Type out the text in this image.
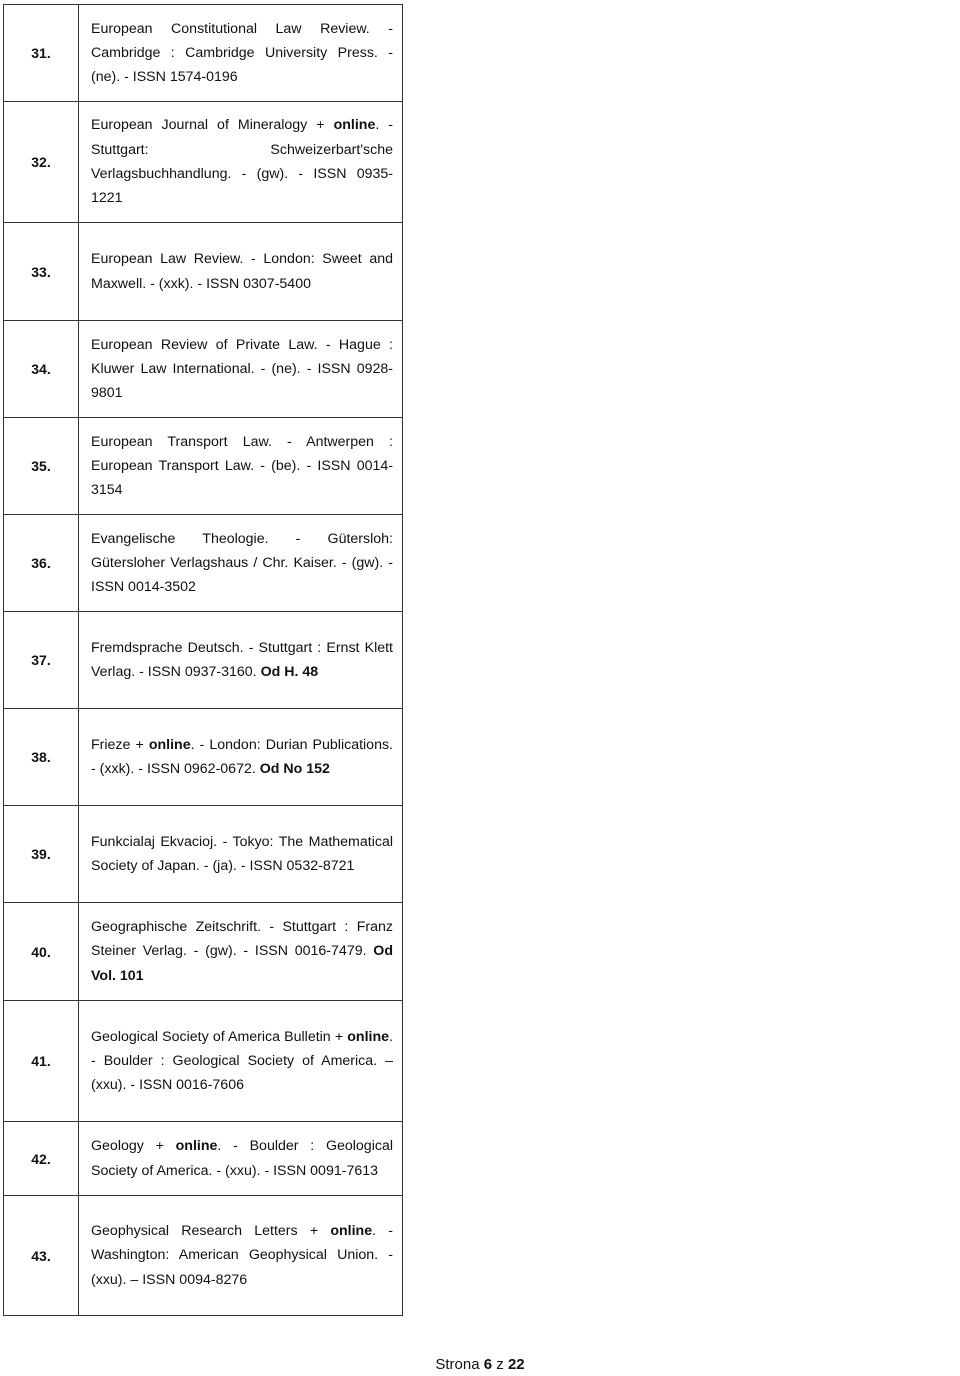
31.	European Constitutional Law Review. - Cambridge : Cambridge University Press. - (ne). - ISSN 1574-0196
32.	European Journal of Mineralogy + online. - Stuttgart: Schweizerbart'sche Verlagsbuchhandlung. - (gw). - ISSN 0935-1221
33.	European Law Review. - London: Sweet and Maxwell. - (xxk). - ISSN 0307-5400
34.	European Review of Private Law. - Hague : Kluwer Law International. - (ne). - ISSN 0928-9801
35.	European Transport Law. - Antwerpen : European Transport Law. - (be). - ISSN 0014-3154
36.	Evangelische Theologie. - Gütersloh: Gütersloher Verlagshaus / Chr. Kaiser. - (gw). - ISSN 0014-3502
37.	Fremdsprache Deutsch. - Stuttgart : Ernst Klett Verlag. - ISSN 0937-3160. Od H. 48
38.	Frieze + online. - London: Durian Publications. - (xxk). - ISSN 0962-0672. Od No 152
39.	Funkcialaj Ekvacioj. - Tokyo: The Mathematical Society of Japan. - (ja). - ISSN 0532-8721
40.	Geographische Zeitschrift. - Stuttgart : Franz Steiner Verlag. - (gw). - ISSN 0016-7479. Od Vol. 101
41.	Geological Society of America Bulletin + online. - Boulder : Geological Society of America. – (xxu). - ISSN 0016-7606
42.	Geology + online. - Boulder : Geological Society of America. - (xxu). - ISSN 0091-7613
43.	Geophysical Research Letters + online. - Washington: American Geophysical Union. - (xxu). – ISSN 0094-8276
Strona 6 z 22
